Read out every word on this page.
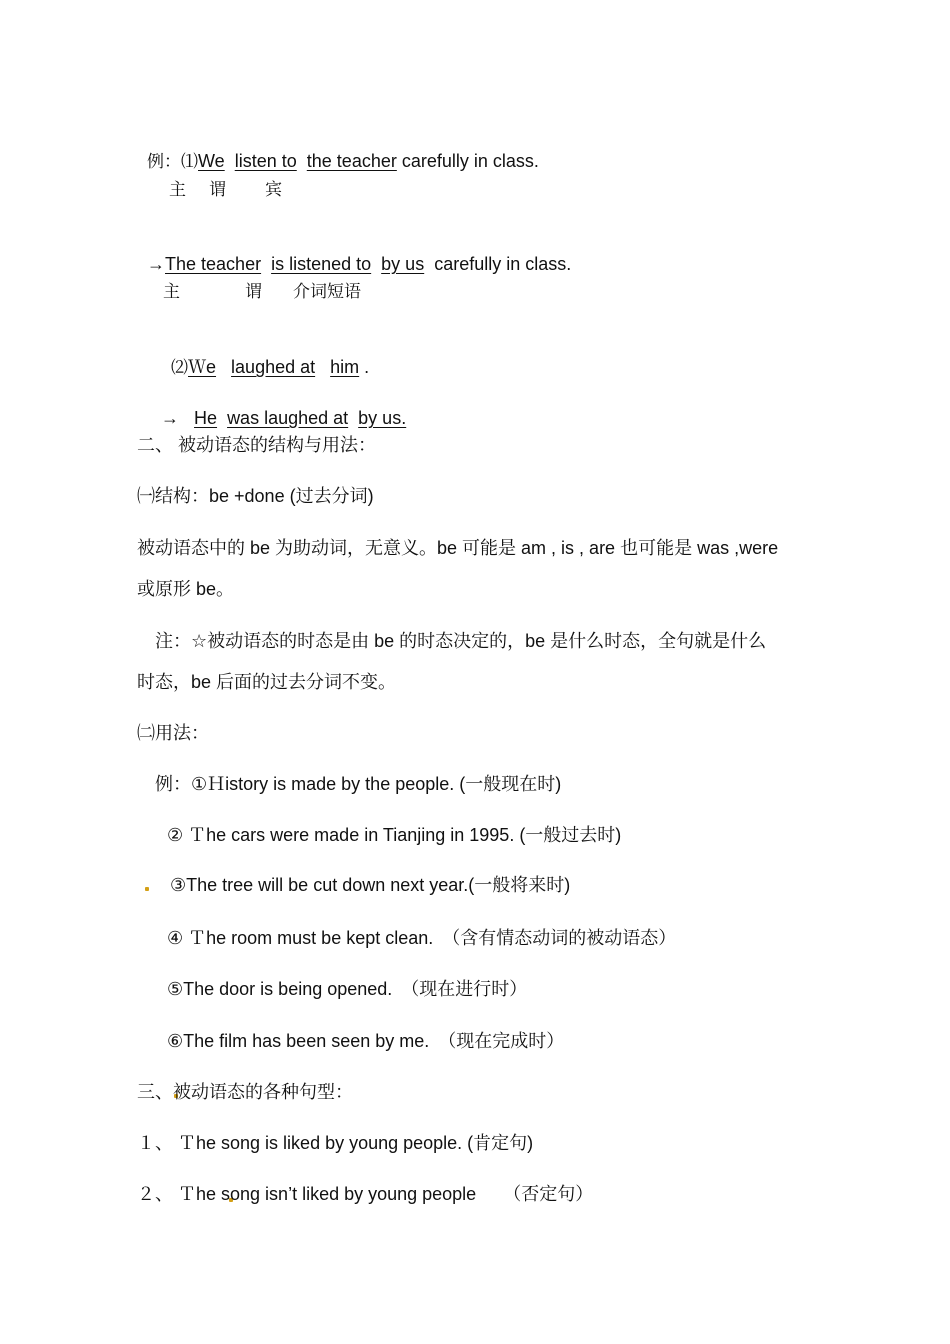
例：⑴We listen to the teacher carefully in class.

主 谓 宾

→The teacher is listened to by us carefully in class.

主	谓 介词短语

⑵Ｗe laughed at him .

→ He was laughed at by us.

二、 被动语态的结构与用法：
㈠结构：be +done (过去分词)
被动语态中的 be 为助动词，无意义。be 可能是 am , is , are 也可能是 was ,were
或原形 be。
注：☆被动语态的时态是由 be 的时态决定的，be 是什么时态，全句就是什么
时态，be 后面的过去分词不变。
㈡用法：
例：①Ｈistory is made by the people. (一般现在时)
② Ｔhe cars were made in Tianjing in 1995. (一般过去时)
③The tree will be cut down next year.(一般将来时)
④ Ｔhe room must be kept clean.　（含有情态动词的被动语态）
⑤The door is being opened.　（现在进行时）
⑥The film has been seen by me.　（现在完成时）
三、被动语态的各种句型：
１、 Ｔhe song is liked by young people. (肯定句)
２、 Ｔhe song isn’t liked by young people　　（否定句）
